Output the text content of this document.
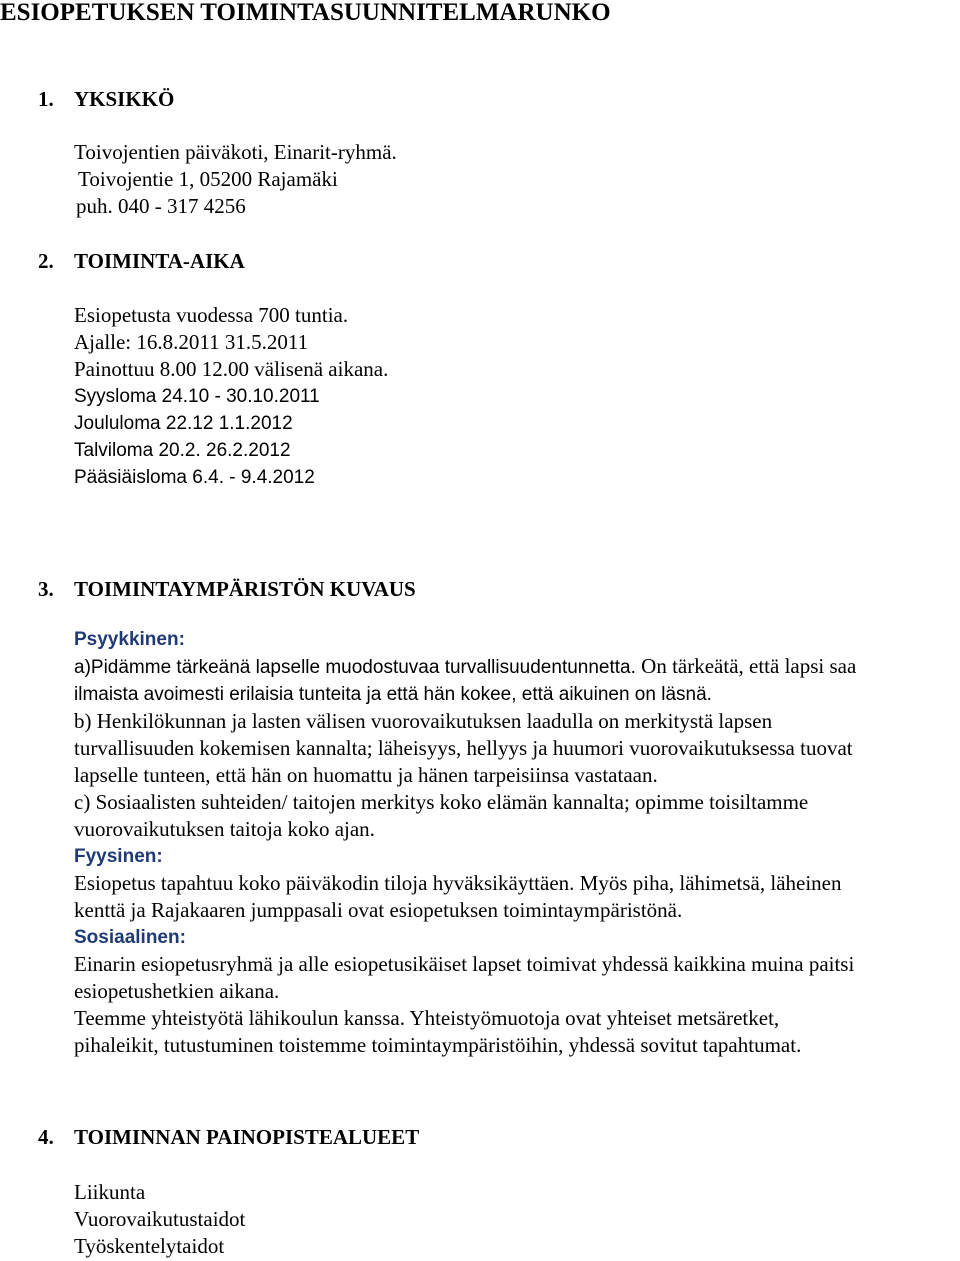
ESIOPETUKSEN TOIMINTASUUNNITELMARUNKO
1. YKSIKKÖ
Toivojentien päiväkoti, Einarit-ryhmä.
Toivojentie 1, 05200 Rajamäki
puh. 040 - 317 4256
2. TOIMINTA-AIKA
Esiopetusta vuodessa 700 tuntia.
Ajalle: 16.8.2011 31.5.2011
Painottuu 8.00 12.00 välisenä aikana.
Syysloma 24.10 - 30.10.2011
Joululoma 22.12 1.1.2012
Talviloma 20.2. 26.2.2012
Pääsiäisloma 6.4. - 9.4.2012
3. TOIMINTAYMPÄRISTÖN KUVAUS
Psyykkinen:
a)Pidämme tärkeänä lapselle muodostuvaa turvallisuudentunnetta. On tärkeätä, että lapsi saa
ilmaista avoimesti erilaisia tunteita ja että hän kokee, että aikuinen on läsnä.
b) Henkilökunnan ja lasten välisen vuorovaikutuksen laadulla on merkitystä lapsen
turvallisuuden kokemisen kannalta; läheisyys, hellyys ja huumori vuorovaikutuksessa tuovat
lapselle tunteen, että hän on huomattu ja hänen tarpeisiinsa vastataan.
c) Sosiaalisten suhteiden/ taitojen merkitys koko elämän kannalta; opimme toisiltamme
vuorovaikutuksen taitoja koko ajan.
Fyysinen:
Esiopetus tapahtuu koko päiväkodin tiloja hyväksikäyttäen. Myös piha, lähimetsä, läheinen
kenttä ja Rajakaaren jumppasali ovat esiopetuksen toimintaympäristönä.
Sosiaalinen:
Einarin esiopetusryhmä ja alle esiopetusikäiset lapset toimivat yhdessä kaikkina muina paitsi
esiopetushetkien aikana.
Teemme yhteistyötä lähikoulun kanssa. Yhteistyömuotoja ovat yhteiset metsäretket,
pihaleikit, tutustuminen toistemme toimintaympäristöihin, yhdessä sovitut tapahtumat.
4. TOIMINNAN PAINOPISTEALUEET
Liikunta
Vuorovaikutustaidot
Työskentelytaidot
